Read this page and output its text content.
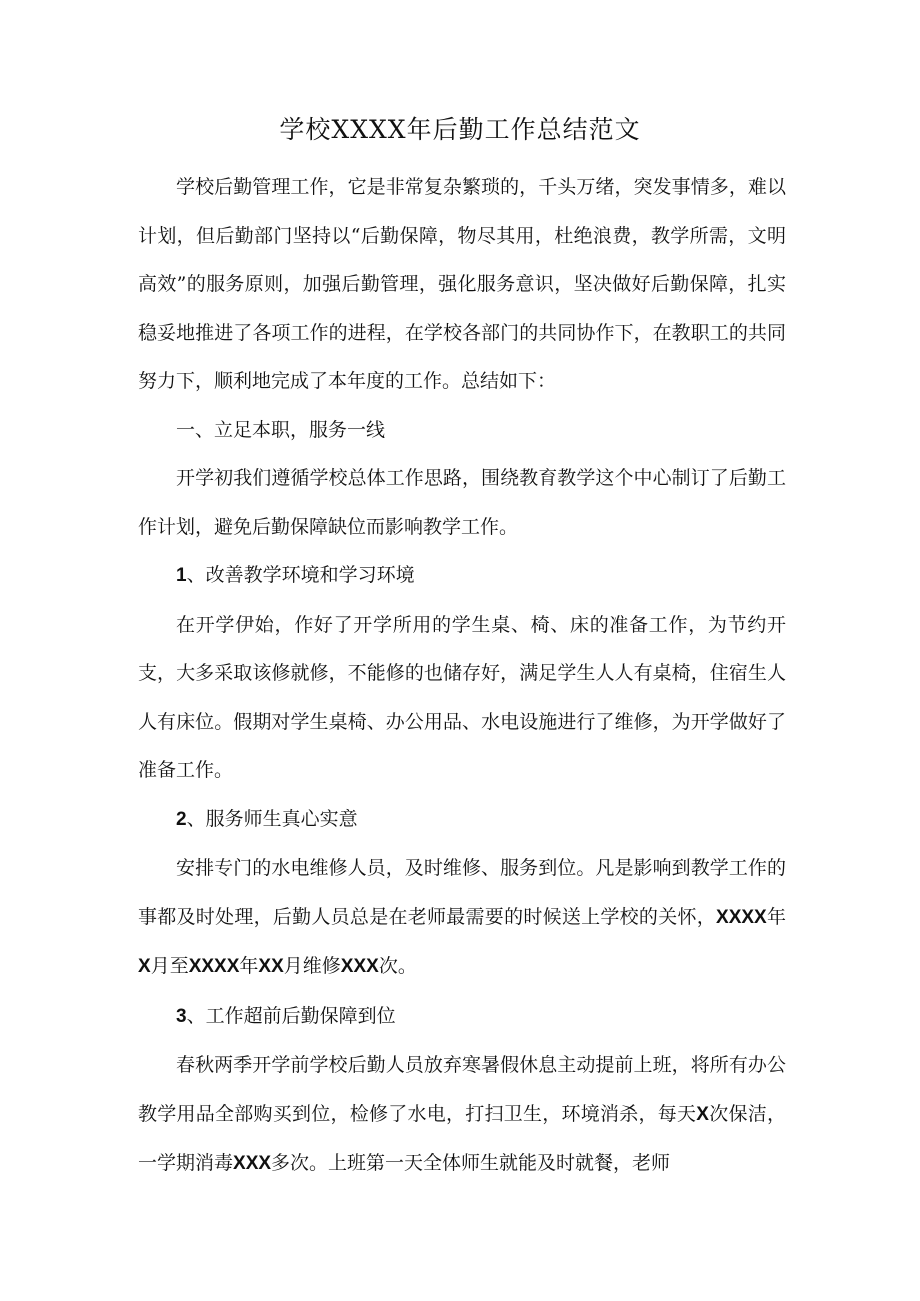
学校XXXX年后勤工作总结范文

学校后勤管理工作，它是非常复杂繁琐的，千头万绪，突发事情多，难以计划，但后勤部门坚持以“后勤保障，物尽其用，杜绝浪费，教学所需，文明高效”的服务原则，加强后勤管理，强化服务意识，坚决做好后勤保障，扎实稳妥地推进了各项工作的进程，在学校各部门的共同协作下，在教职工的共同努力下，顺利地完成了本年度的工作。总结如下：

一、立足本职，服务一线

开学初我们遵循学校总体工作思路，围绕教育教学这个中心制订了后勤工作计划，避免后勤保障缺位而影响教学工作。

1、改善教学环境和学习环境

在开学伊始，作好了开学所用的学生桌、椅、床的准备工作，为节约开支，大多采取该修就修，不能修的也储存好，满足学生人人有桌椅，住宿生人人有床位。假期对学生桌椅、办公用品、水电设施进行了维修，为开学做好了准备工作。

2、服务师生真心实意

安排专门的水电维修人员，及时维修、服务到位。凡是影响到教学工作的事都及时处理，后勤人员总是在老师最需要的时候送上学校的关怀，XXXX年X月至XXXX年XX月维修XXX次。

3、工作超前后勤保障到位

春秋两季开学前学校后勤人员放弃寒暑假休息主动提前上班，将所有办公教学用品全部购买到位，检修了水电，打扫卫生，环境消杀，每天X次保洁，一学期消毒XXX多次。上班第一天全体师生就能及时就餐，老师
